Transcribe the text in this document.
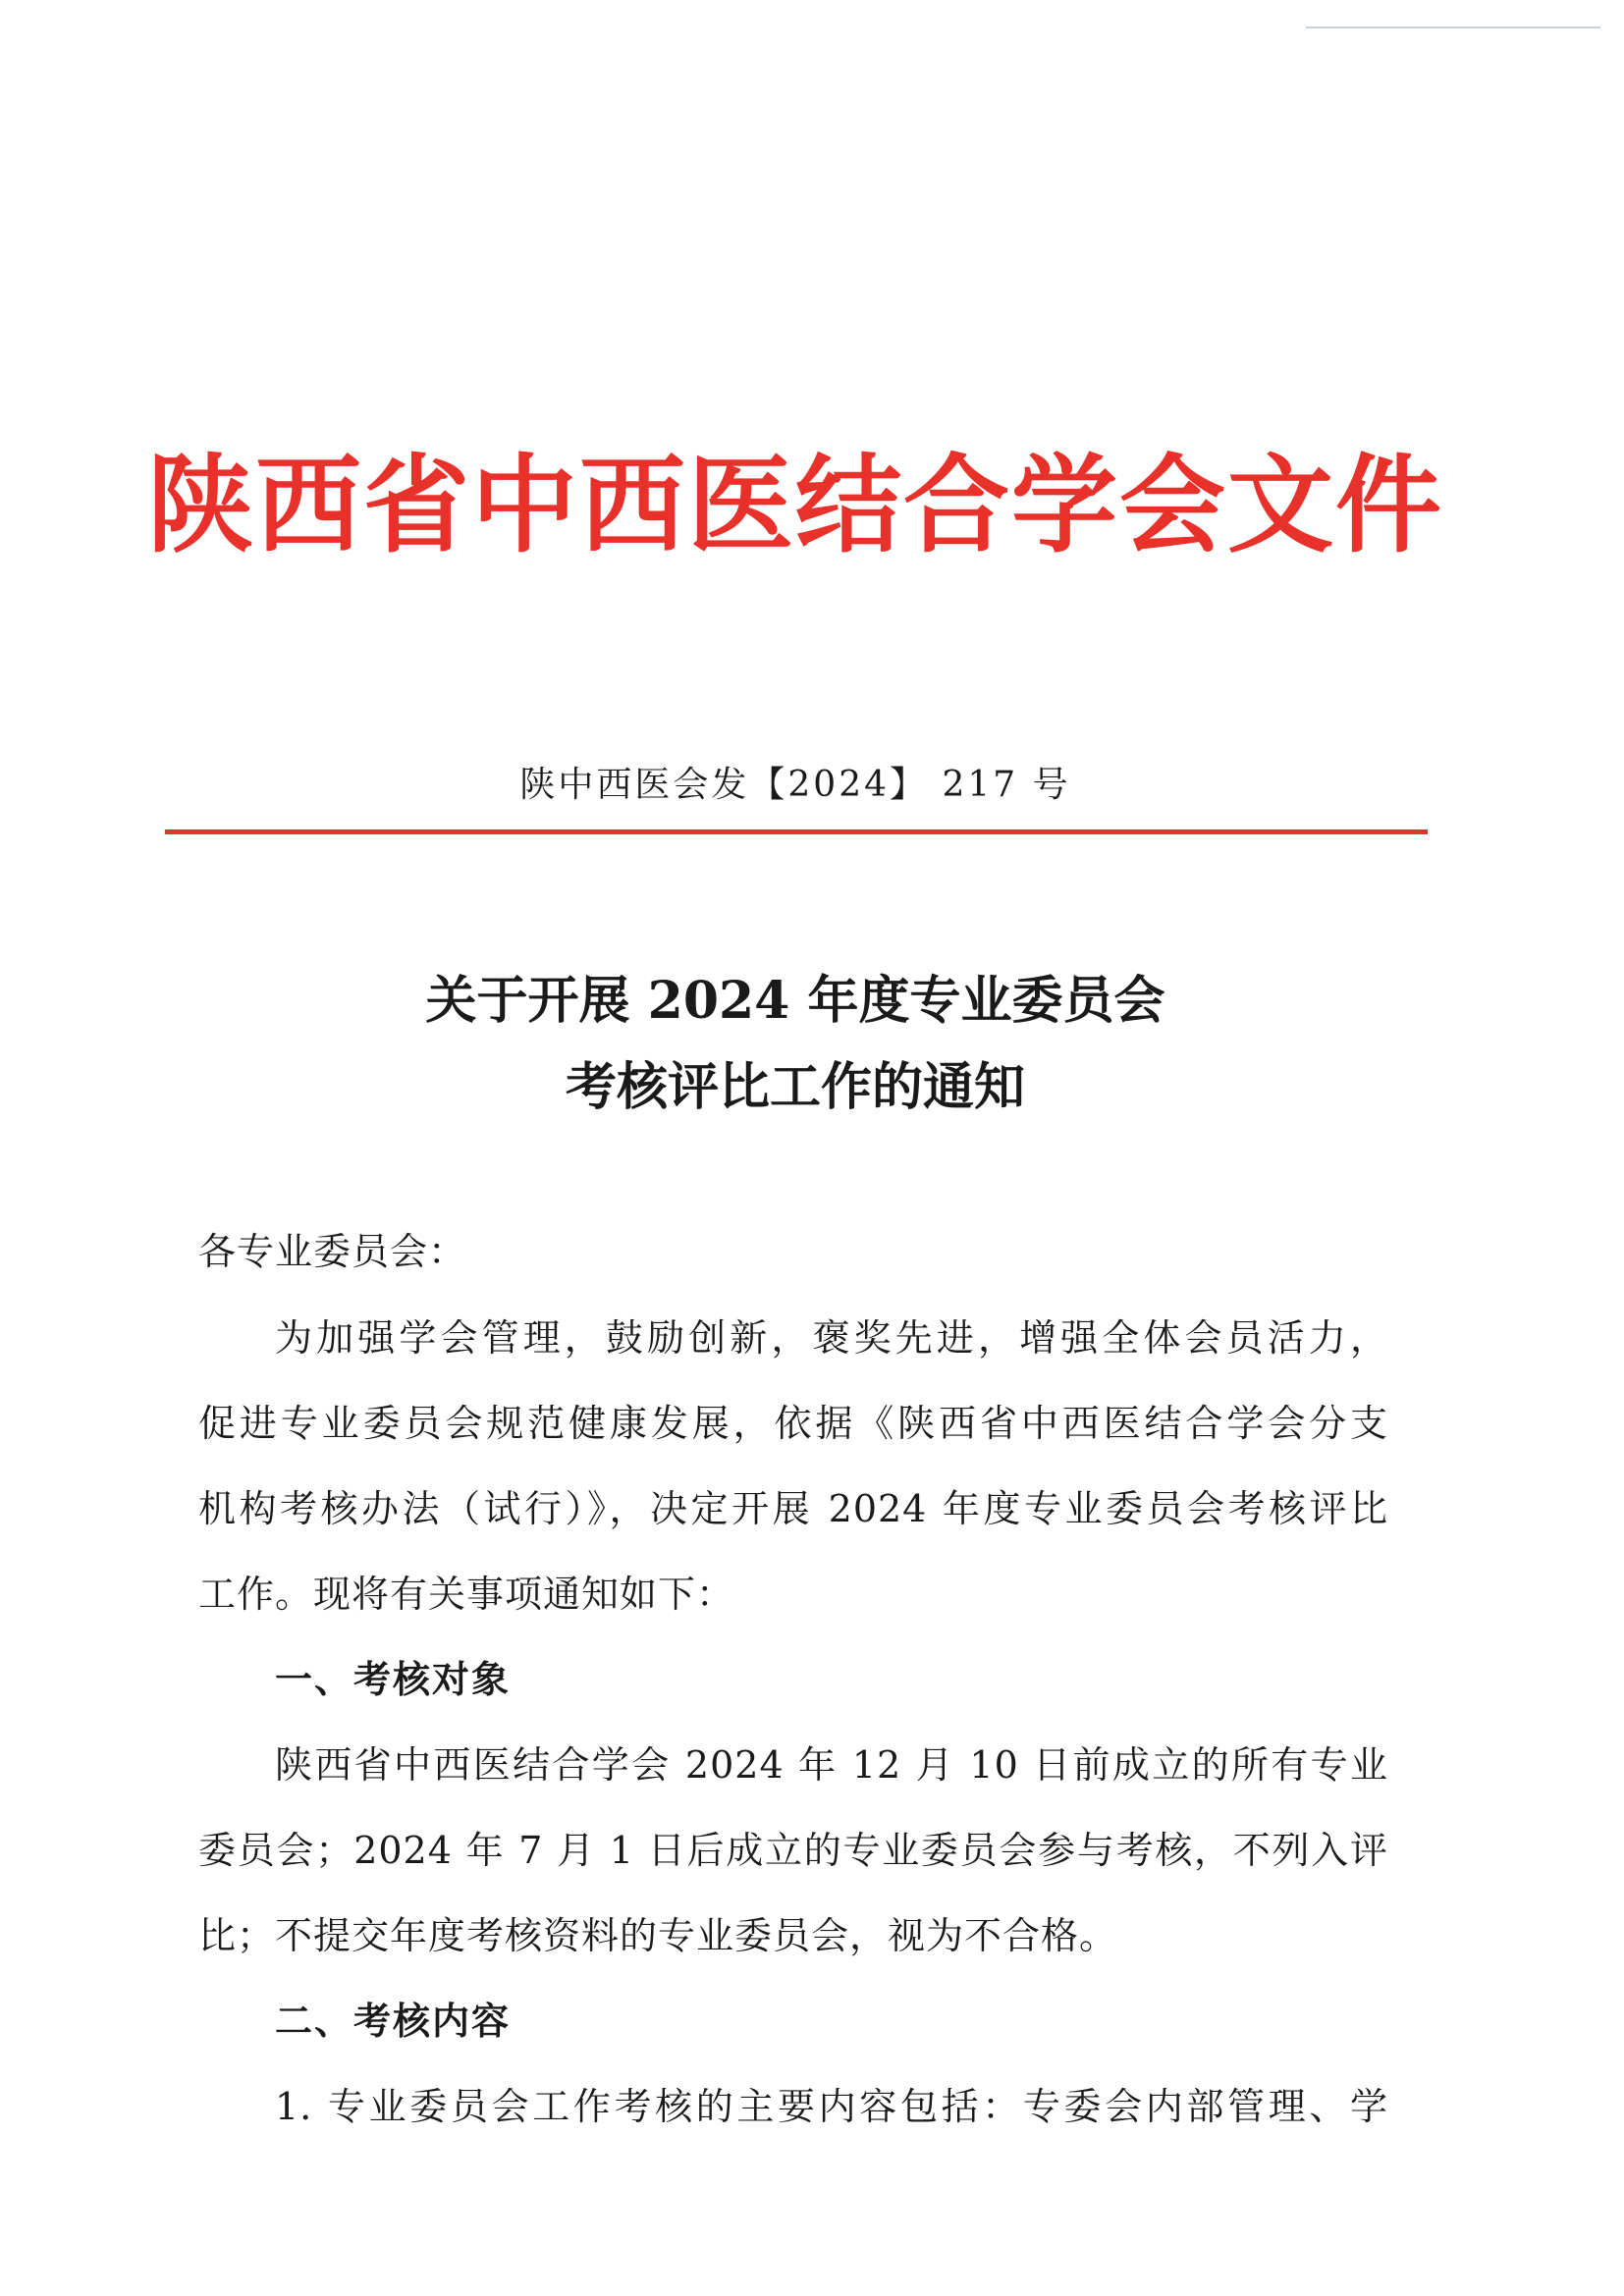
陕西省中西医结合学会文件
陕中西医会发【2024】 217 号
关于开展 2024 年度专业委员会
考核评比工作的通知
各专业委员会：
为加强学会管理，鼓励创新，褒奖先进，增强全体会员活力，
促进专业委员会规范健康发展，依据《陕西省中西医结合学会分支
机构考核办法（试行）》，决定开展 2024 年度专业委员会考核评比
工作。现将有关事项通知如下：
一、考核对象
陕西省中西医结合学会 2024 年 12 月 10 日前成立的所有专业
委员会；2024 年 7 月 1 日后成立的专业委员会参与考核，不列入评
比；不提交年度考核资料的专业委员会，视为不合格。
二、考核内容
1. 专业委员会工作考核的主要内容包括：专委会内部管理、学
